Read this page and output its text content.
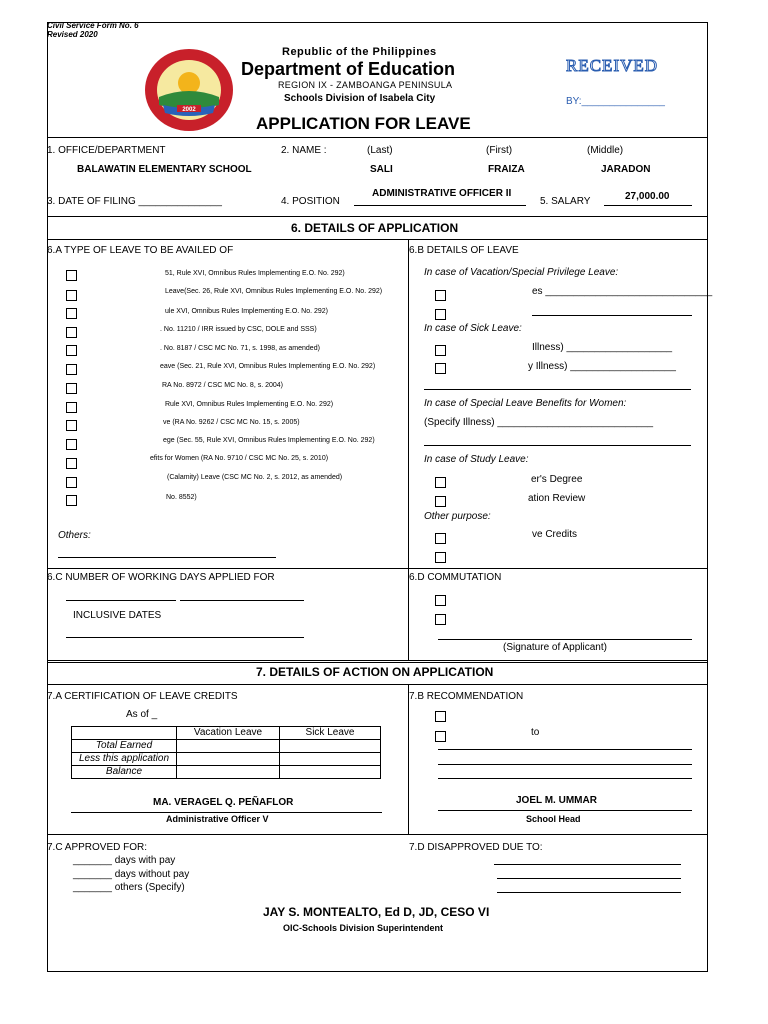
Civil Service Form No. 6
Revised 2020
2002
Republic of the Philippines
Department of Education
REGION IX - ZAMBOANGA PENINSULA
Schools Division of Isabela City
APPLICATION FOR LEAVE
RECEIVED
BY:_______________
1. OFFICE/DEPARTMENT
BALAWATIN ELEMENTARY SCHOOL
2. NAME :	(Last)	(First)	(Middle)
SALI	FRAIZA	JARADON
3. DATE OF FILING _______________	4. POSITION
ADMINISTRATIVE OFFICER II
5. SALARY	27,000.00
6. DETAILS OF APPLICATION
6.A TYPE OF LEAVE TO BE AVAILED OF
51, Rule XVI, Omnibus Rules Implementing E.O. No. 292)
Leave(Sec. 26, Rule XVI, Omnibus Rules Implementing E.O. No. 292)
ule XVI, Omnibus Rules Implementing E.O. No. 292)
. No. 11210 / IRR issued by CSC, DOLE and SSS)
. No. 8187 / CSC MC No. 71, s. 1998, as amended)
eave (Sec. 21, Rule XVI, Omnibus Rules Implementing E.O. No. 292)
RA No. 8972 / CSC MC No. 8, s. 2004)
Rule XVI, Omnibus Rules Implementing E.O. No. 292)
ve (RA No. 9262 / CSC MC No. 15, s. 2005)
ege (Sec. 55, Rule XVI, Omnibus Rules Implementing E.O. No. 292)
efits for Women (RA No. 9710 / CSC MC No. 25, s. 2010)
(Calamity) Leave (CSC MC No. 2, s. 2012, as amended)
No. 8552)
Others:
6.B DETAILS OF LEAVE
In case of Vacation/Special Privilege Leave:
es ______________________________
In case of Sick Leave:
Illness) ___________________
y Illness) ___________________
In case of Special Leave Benefits for Women:
(Specify Illness) ____________________________
In case of Study Leave:
er's Degree
ation Review
Other purpose:
ve Credits
6.C NUMBER OF WORKING DAYS APPLIED FOR
INCLUSIVE DATES
6.D COMMUTATION
(Signature of Applicant)
7. DETAILS OF ACTION ON APPLICATION
7.A CERTIFICATION OF LEAVE CREDITS
As of _
	Vacation Leave	Sick Leave
Total Earned		
Less this application		
Balance		
MA. VERAGEL Q. PEÑAFLOR
Administrative Officer V
7.B RECOMMENDATION
to
JOEL M. UMMAR
School Head
7.C APPROVED FOR:
_______ days with pay
_______ days without pay
_______ others (Specify)
7.D DISAPPROVED DUE TO:
JAY S. MONTEALTO, Ed D, JD, CESO VI
OIC-Schools Division Superintendent
